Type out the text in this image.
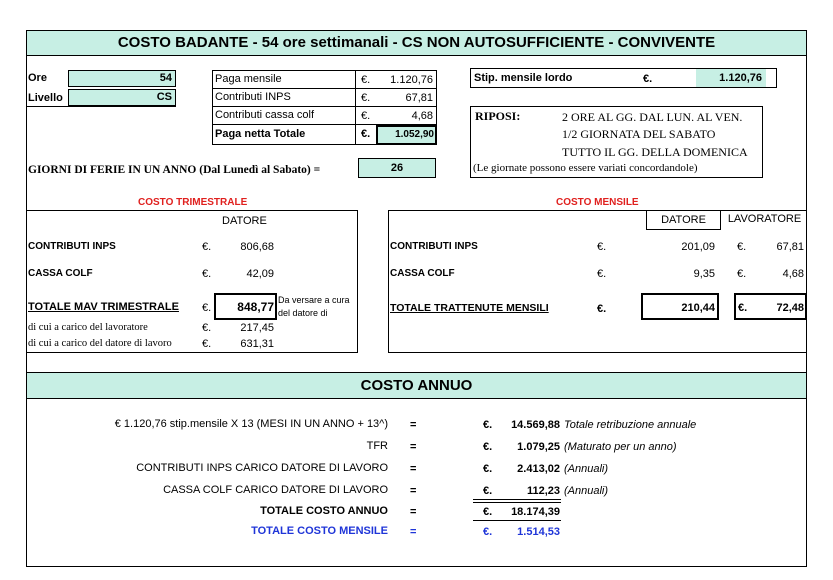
COSTO BADANTE - 54 ore settimanali - CS NON AUTOSUFFICIENTE - CONVIVENTE
Ore	54
Livello	CS
Paga mensile	€.	1.120,76
Contributi INPS	€.	67,81
Contributi cassa colf	€.	4,68
Paga netta Totale	€.	1.052,90
Stip. mensile lordo	€.	1.120,76
RIPOSI:	2 ORE AL GG. DAL LUN. AL VEN.
1/2 GIORNATA DEL SABATO
TUTTO IL GG. DELLA DOMENICA
(Le giornate possono essere variati concordandole)
GIORNI DI FERIE IN UN ANNO (Dal Lunedì al Sabato) =	26
COSTO TRIMESTRALE	COSTO MENSILE
DATORE
CONTRIBUTI INPS	€.	806,68
CASSA COLF	€.	42,09
TOTALE MAV TRIMESTRALE €.	848,77 Da versare a cura
del datore di
di cui a carico del lavoratore	€.	217,45
di cui a carico del datore di lavoro	€.	631,31
DATORE	LAVORATORE
CONTRIBUTI INPS	€.	201,09 €.	67,81
CASSA COLF	€.	9,35 €.	4,68
TOTALE TRATTENUTE MENSILI	€.	210,44 €.	72,48
COSTO ANNUO
€ 1.120,76 stip.mensile X 13 (MESI IN UN ANNO + 13^) =	€.	14.569,88 Totale retribuzione annuale
TFR =	€.	1.079,25 (Maturato per un anno)
CONTRIBUTI INPS CARICO DATORE DI LAVORO =	€.	2.413,02 (Annuali)
CASSA COLF CARICO DATORE DI LAVORO =	€.	112,23 (Annuali)
TOTALE COSTO ANNUO =	€.	18.174,39
TOTALE COSTO MENSILE =	€.	1.514,53
